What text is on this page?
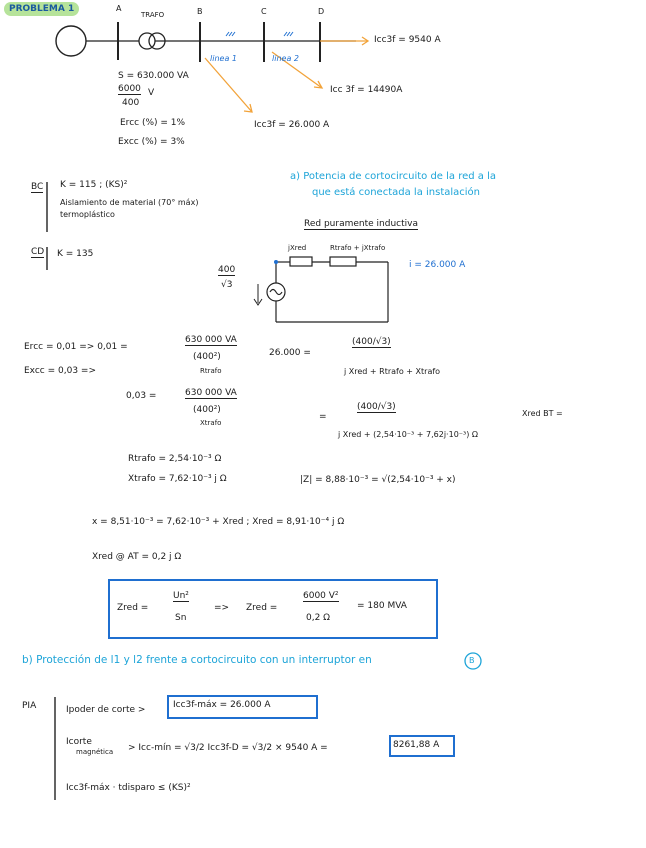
PROBLEMA 1	A
TRAFO	B	C	D
linea 1	linea 2
Icc3f = 9540 A
Icc 3f = 14490A
Icc3f = 26.000 A
S = 630.000 VA
6000 V
400
Ercc (%) = 1%
Excc (%) = 3%
BC K = 115 ; (KS)²
Aislamiento de material (70° máx)
termoplástico
CD K = 135
a) Potencia de cortocircuito de la red a la
que está conectada la instalación
Red puramente inductiva
jXred	Rtrafo + jXtrafo
400
√3
i = 26.000 A
Ercc = 0,01 => 0,01 =
630 000 VA
(400²)
Rtrafo
Excc = 0,03 =>
0,03 =	630 000 VA
(400²)
Xtrafo
Rtrafo = 2,54·10⁻³ Ω
Xtrafo = 7,62·10⁻³ j Ω
26.000 =
(400/√3)
j Xred + Rtrafo + Xtrafo
=
(400/√3)
j Xred + (2,54·10⁻³ + 7,62j·10⁻³) Ω
Xred BT =
|Z| = 8,88·10⁻³ = √(2,54·10⁻³ + x)
x = 8,51·10⁻³ = 7,62·10⁻³ + Xred ; Xred = 8,91·10⁻⁴ j Ω
Xred @ AT = 0,2 j Ω
Zred =
Un²
Sn
=> Zred =
6000 V²
0,2 Ω
= 180 MVA
b) Protección de l1 y l2 frente a cortocircuito con un interruptor en	B
PIA	Ipoder de corte >	Icc3f-máx = 26.000 A
Icorte
magnética > Icc-mín = √3/2 Icc3f-D = √3/2 × 9540 A =	8261,88 A
Icc3f-máx · tdisparo ≤ (KS)²
